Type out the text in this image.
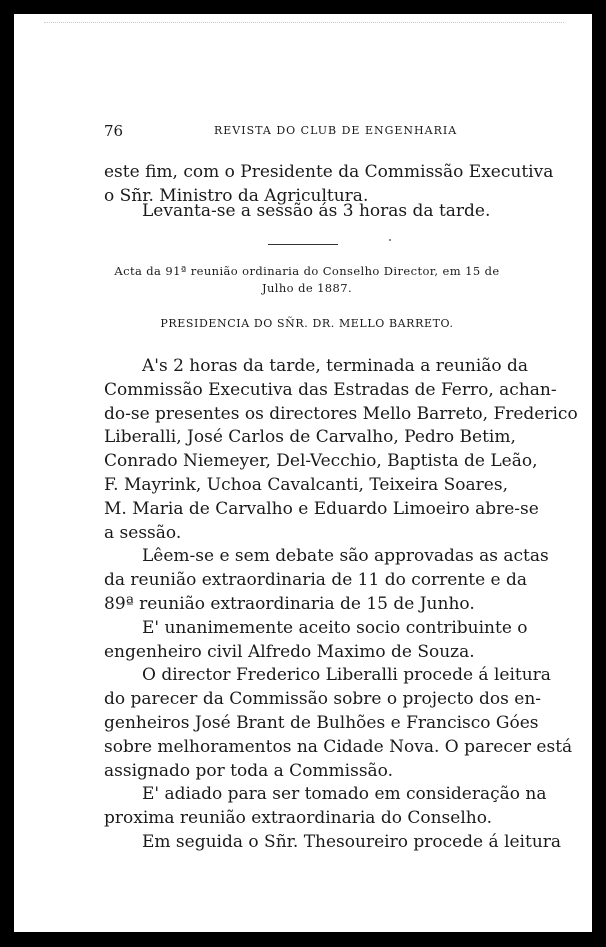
76	REVISTA DO CLUB DE ENGENHARIA
este fim, com o Presidente da Commissão Executiva
o Sñr. Ministro da Agricultura.
Levanta-se a sessão ás 3 horas da tarde.
Acta da 91ª reunião ordinaria do Conselho Director, em 15 de
Julho de 1887.
PRESIDENCIA DO SÑR. DR. MELLO BARRETO.
A's 2 horas da tarde, terminada a reunião da
Commissão Executiva das Estradas de Ferro, achan-
do-se presentes os directores Mello Barreto, Frederico
Liberalli, José Carlos de Carvalho, Pedro Betim,
Conrado Niemeyer, Del-Vecchio, Baptista de Leão,
F. Mayrink, Uchoa Cavalcanti, Teixeira Soares,
M. Maria de Carvalho e Eduardo Limoeiro abre-se
a sessão.
Lêem-se e sem debate são approvadas as actas
da reunião extraordinaria de 11 do corrente e da
89ª reunião extraordinaria de 15 de Junho.
E' unanimemente aceito socio contribuinte o
engenheiro civil Alfredo Maximo de Souza.
O director Frederico Liberalli procede á leitura
do parecer da Commissão sobre o projecto dos en-
genheiros José Brant de Bulhões e Francisco Góes
sobre melhoramentos na Cidade Nova. O parecer está
assignado por toda a Commissão.
E' adiado para ser tomado em consideração na
proxima reunião extraordinaria do Conselho.
Em seguida o Sñr. Thesoureiro procede á leitura
